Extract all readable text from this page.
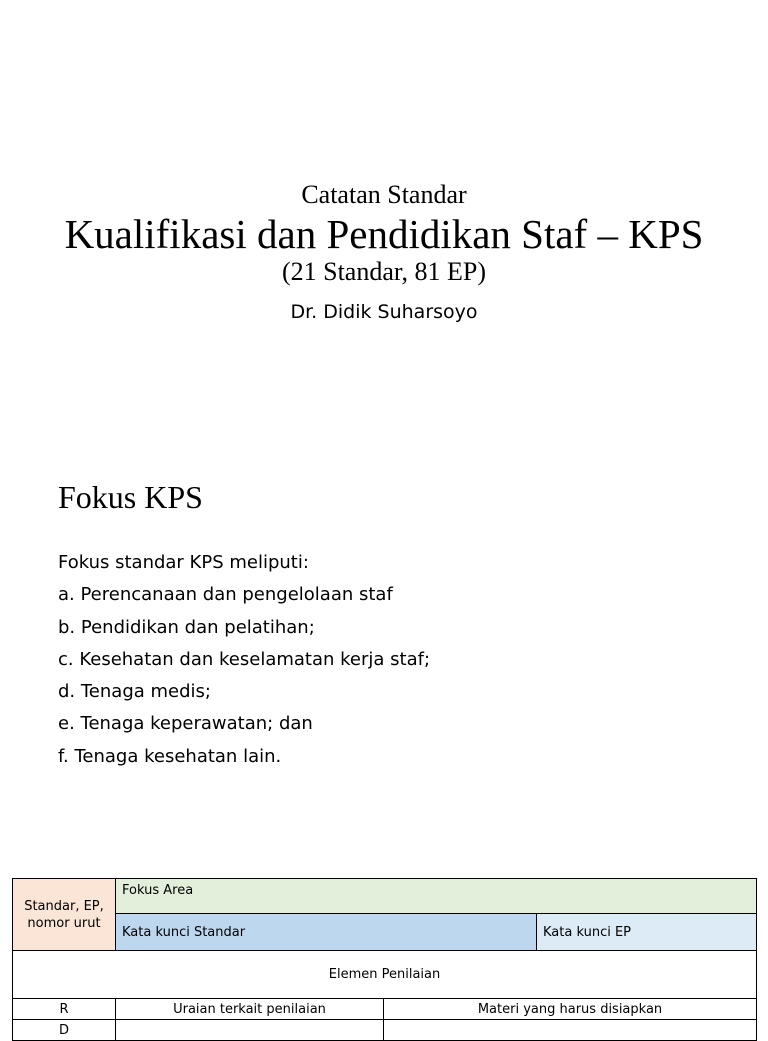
Catatan Standar
Kualifikasi dan Pendidikan Staf – KPS
(21 Standar, 81 EP)
Dr. Didik Suharsoyo
Fokus KPS
Fokus standar KPS meliputi:
a. Perencanaan dan pengelolaan staf
b. Pendidikan dan pelatihan;
c. Kesehatan dan keselamatan kerja staf;
d. Tenaga medis;
e. Tenaga keperawatan; dan
f. Tenaga kesehatan lain.
Standar, EP, nomor urut	Fokus Area		
	Kata kunci Standar		Kata kunci EP
Elemen Penilaian			
R	Uraian terkait penilaian	Materi yang harus disiapkan	
D			
